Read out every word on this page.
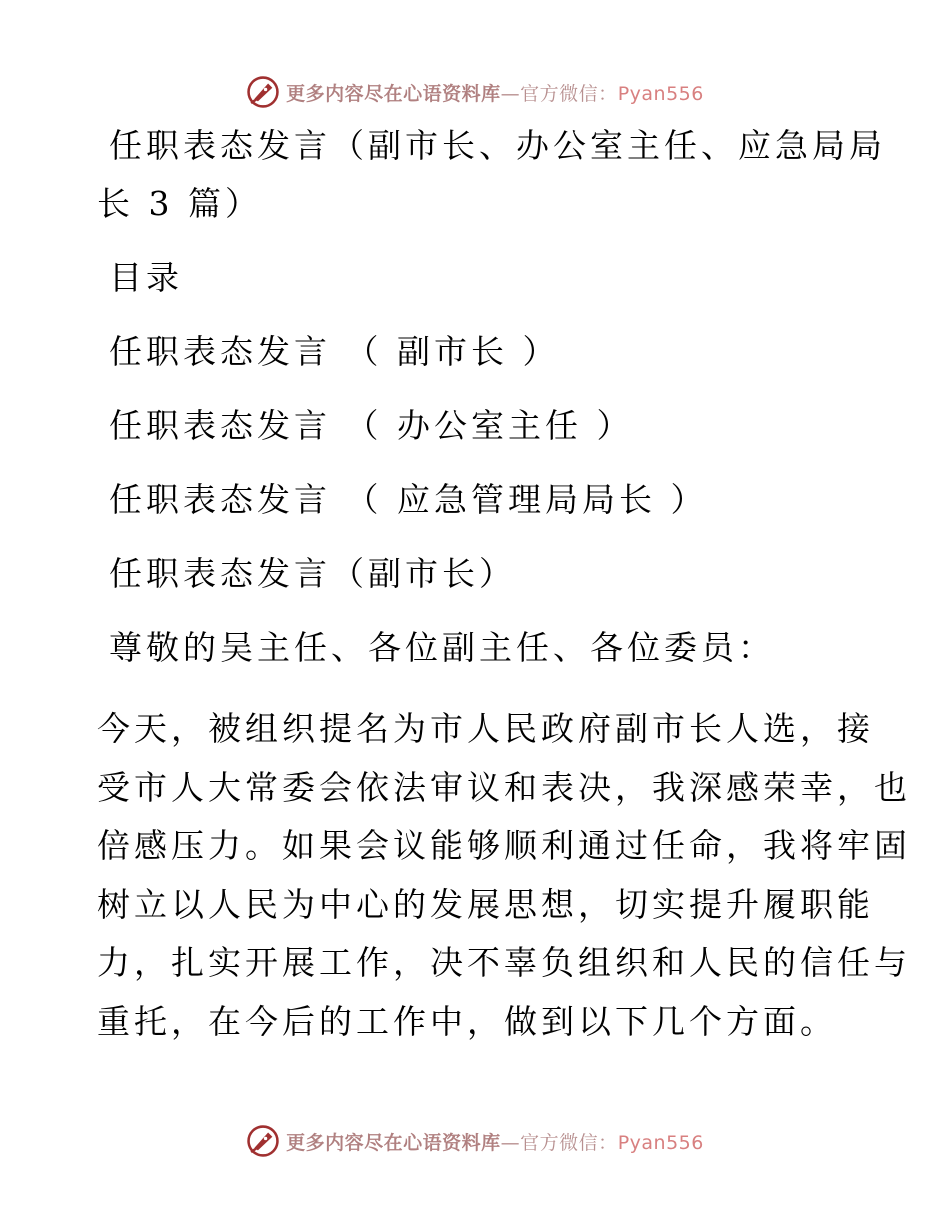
更多内容尽在心语资料库—官方微信：Pyan556
任职表态发言（副市长、办公室主任、应急局局
长 3 篇）
目录
任职表态发言 （ 副市长 ）
任职表态发言 （ 办公室主任 ）
任职表态发言 （ 应急管理局局长 ）
任职表态发言（副市长）
尊敬的吴主任、各位副主任、各位委员：
今天，被组织提名为市人民政府副市长人选，接
受市人大常委会依法审议和表决，我深感荣幸，也
倍感压力。如果会议能够顺利通过任命，我将牢固
树立以人民为中心的发展思想，切实提升履职能
力，扎实开展工作，决不辜负组织和人民的信任与
重托，在今后的工作中，做到以下几个方面。
更多内容尽在心语资料库—官方微信：Pyan556
